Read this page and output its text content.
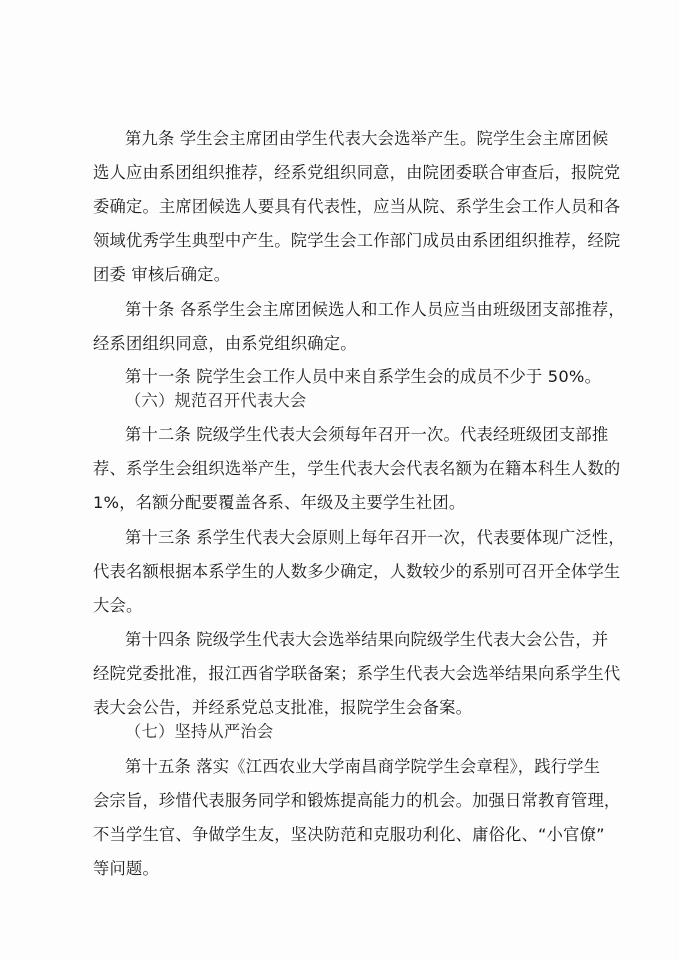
第九条 学生会主席团由学生代表大会选举产生。院学生会主席团候
选人应由系团组织推荐，经系党组织同意，由院团委联合审查后，报院党
委确定。主席团候选人要具有代表性，应当从院、系学生会工作人员和各
领域优秀学生典型中产生。院学生会工作部门成员由系团组织推荐，经院
团委 审核后确定。
第十条 各系学生会主席团候选人和工作人员应当由班级团支部推荐，
经系团组织同意，由系党组织确定。
第十一条 院学生会工作人员中来自系学生会的成员不少于 50%。
（六）规范召开代表大会
第十二条 院级学生代表大会须每年召开一次。代表经班级团支部推
荐、系学生会组织选举产生，学生代表大会代表名额为在籍本科生人数的
1%，名额分配要覆盖各系、年级及主要学生社团。
第十三条 系学生代表大会原则上每年召开一次，代表要体现广泛性，
代表名额根据本系学生的人数多少确定，人数较少的系别可召开全体学生
大会。
第十四条 院级学生代表大会选举结果向院级学生代表大会公告，并
经院党委批准，报江西省学联备案；系学生代表大会选举结果向系学生代
表大会公告，并经系党总支批准，报院学生会备案。
（七）坚持从严治会
第十五条 落实《江西农业大学南昌商学院学生会章程》，践行学生
会宗旨，珍惜代表服务同学和锻炼提高能力的机会。加强日常教育管理，
不当学生官、争做学生友，坚决防范和克服功利化、庸俗化、“小官僚”
等问题。
